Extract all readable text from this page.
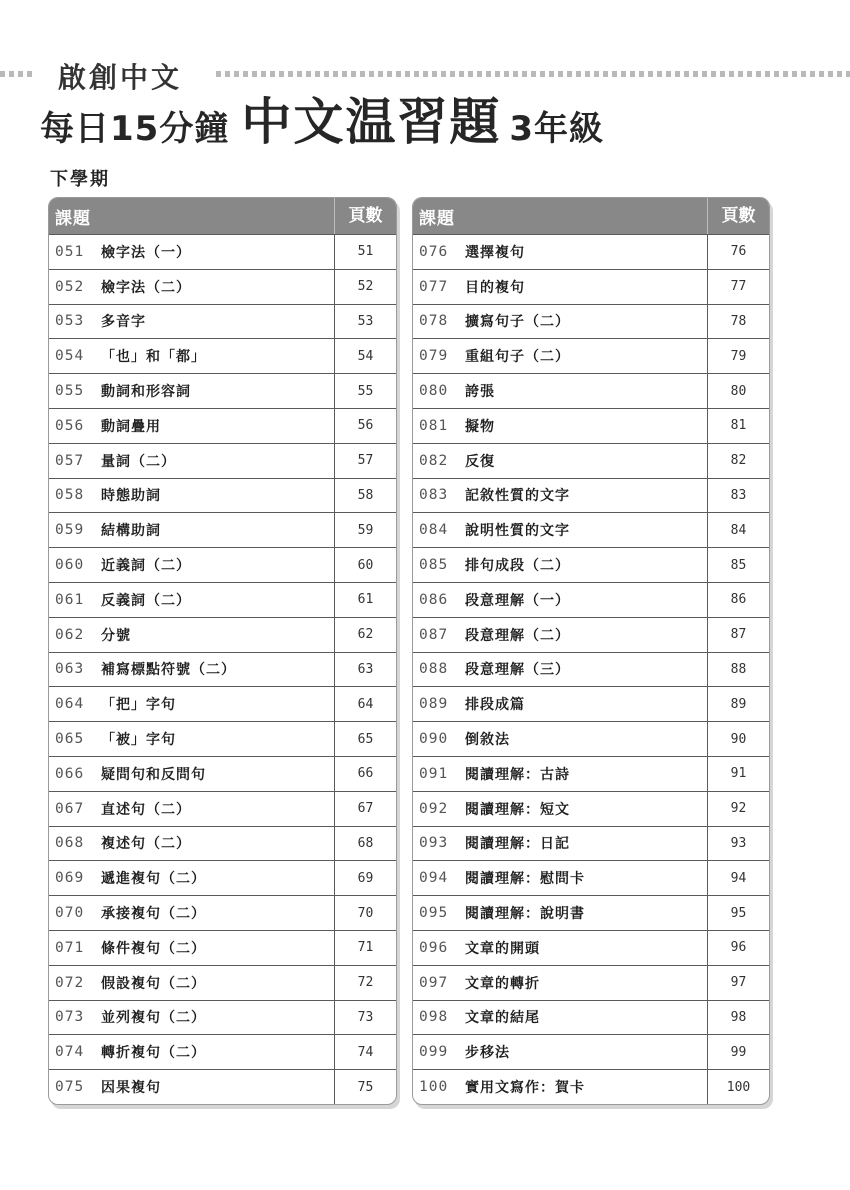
啟創中文
每日15分鐘 中文温習題 3年級
下學期
課題	頁數
051	檢字法（一）	51
052	檢字法（二）	52
053	多音字	53
054	「也」和「都」	54
055	動詞和形容詞	55
056	動詞疊用	56
057	量詞（二）	57
058	時態助詞	58
059	結構助詞	59
060	近義詞（二）	60
061	反義詞（二）	61
062	分號	62
063	補寫標點符號（二）	63
064	「把」字句	64
065	「被」字句	65
066	疑問句和反問句	66
067	直述句（二）	67
068	複述句（二）	68
069	遞進複句（二）	69
070	承接複句（二）	70
071	條件複句（二）	71
072	假設複句（二）	72
073	並列複句（二）	73
074	轉折複句（二）	74
075	因果複句	75
課題	頁數
076	選擇複句	76
077	目的複句	77
078	擴寫句子（二）	78
079	重組句子（二）	79
080	誇張	80
081	擬物	81
082	反復	82
083	記敘性質的文字	83
084	說明性質的文字	84
085	排句成段（二）	85
086	段意理解（一）	86
087	段意理解（二）	87
088	段意理解（三）	88
089	排段成篇	89
090	倒敘法	90
091	閱讀理解：古詩	91
092	閱讀理解：短文	92
093	閱讀理解：日記	93
094	閱讀理解：慰問卡	94
095	閱讀理解：說明書	95
096	文章的開頭	96
097	文章的轉折	97
098	文章的結尾	98
099	步移法	99
100	實用文寫作：賀卡	100
